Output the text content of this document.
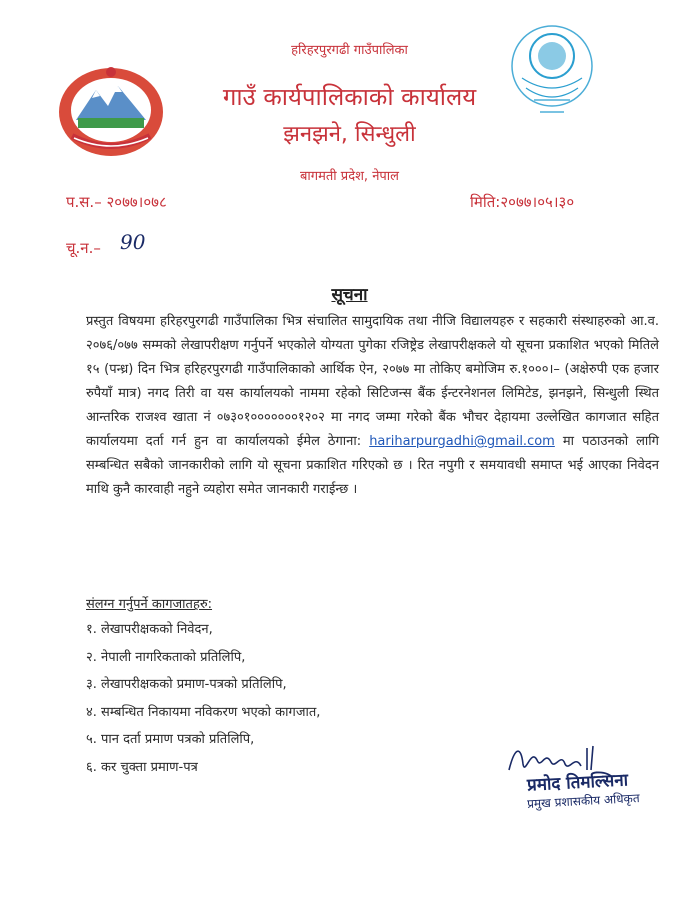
हरिहरपुरगढी गाउँपालिका
गाउँ कार्यपालिकाको कार्यालय
झनझने, सिन्धुली
बागमती प्रदेश, नेपाल
प.स.– २०७७।०७८	मिति:२०७७।०५।३०
चू.न.– 90
सूचना
प्रस्तुत विषयमा हरिहरपुरगढी गाउँपालिका भित्र संचालित सामुदायिक तथा नीजि विद्यालयहरु र सहकारी संस्थाहरुको आ.व. २०७६/०७७ सम्मको लेखापरीक्षण गर्नुपर्ने भएकोले योग्यता पुगेका रजिष्ट्रेड लेखापरीक्षकले यो सूचना प्रकाशित भएको मितिले १५ (पन्ध्र) दिन भित्र हरिहरपुरगढी गाउँपालिकाको आर्थिक ऐन, २०७७ मा तोकिए बमोजिम रु.१०००।– (अक्षेरुपी एक हजार रुपैयाँ मात्र) नगद तिरी वा यस कार्यालयको नाममा रहेको सिटिजन्स बैंक ईन्टरनेशनल लिमिटेड, झनझने, सिन्धुली स्थित आन्तरिक राजश्व खाता नं ०७३०१०००००००१२०२ मा नगद जम्मा गरेको बैंक भौचर देहायमा उल्लेखित कागजात सहित कार्यालयमा दर्ता गर्न हुन वा कार्यालयको ईमेल ठेगाना: hariharpurgadhi@gmail.com मा पठाउनको लागि सम्बन्धित सबैको जानकारीको लागि यो सूचना प्रकाशित गरिएको छ । रित नपुगी र समयावधी समाप्त भई आएका निवेदन माथि कुनै कारवाही नहुने व्यहोरा समेत जानकारी गराईन्छ ।
संलग्न गर्नुपर्ने कागजातहरु:
१. लेखापरीक्षकको निवेदन,
२. नेपाली नागरिकताको प्रतिलिपि,
३. लेखापरीक्षकको प्रमाण-पत्रको प्रतिलिपि,
४. सम्बन्धित निकायमा नविकरण भएको कागजात,
५. पान दर्ता प्रमाण पत्रको प्रतिलिपि,
६. कर चुक्ता प्रमाण-पत्र
प्रमोद तिमल्सिना
प्रमुख प्रशासकीय अधिकृत
